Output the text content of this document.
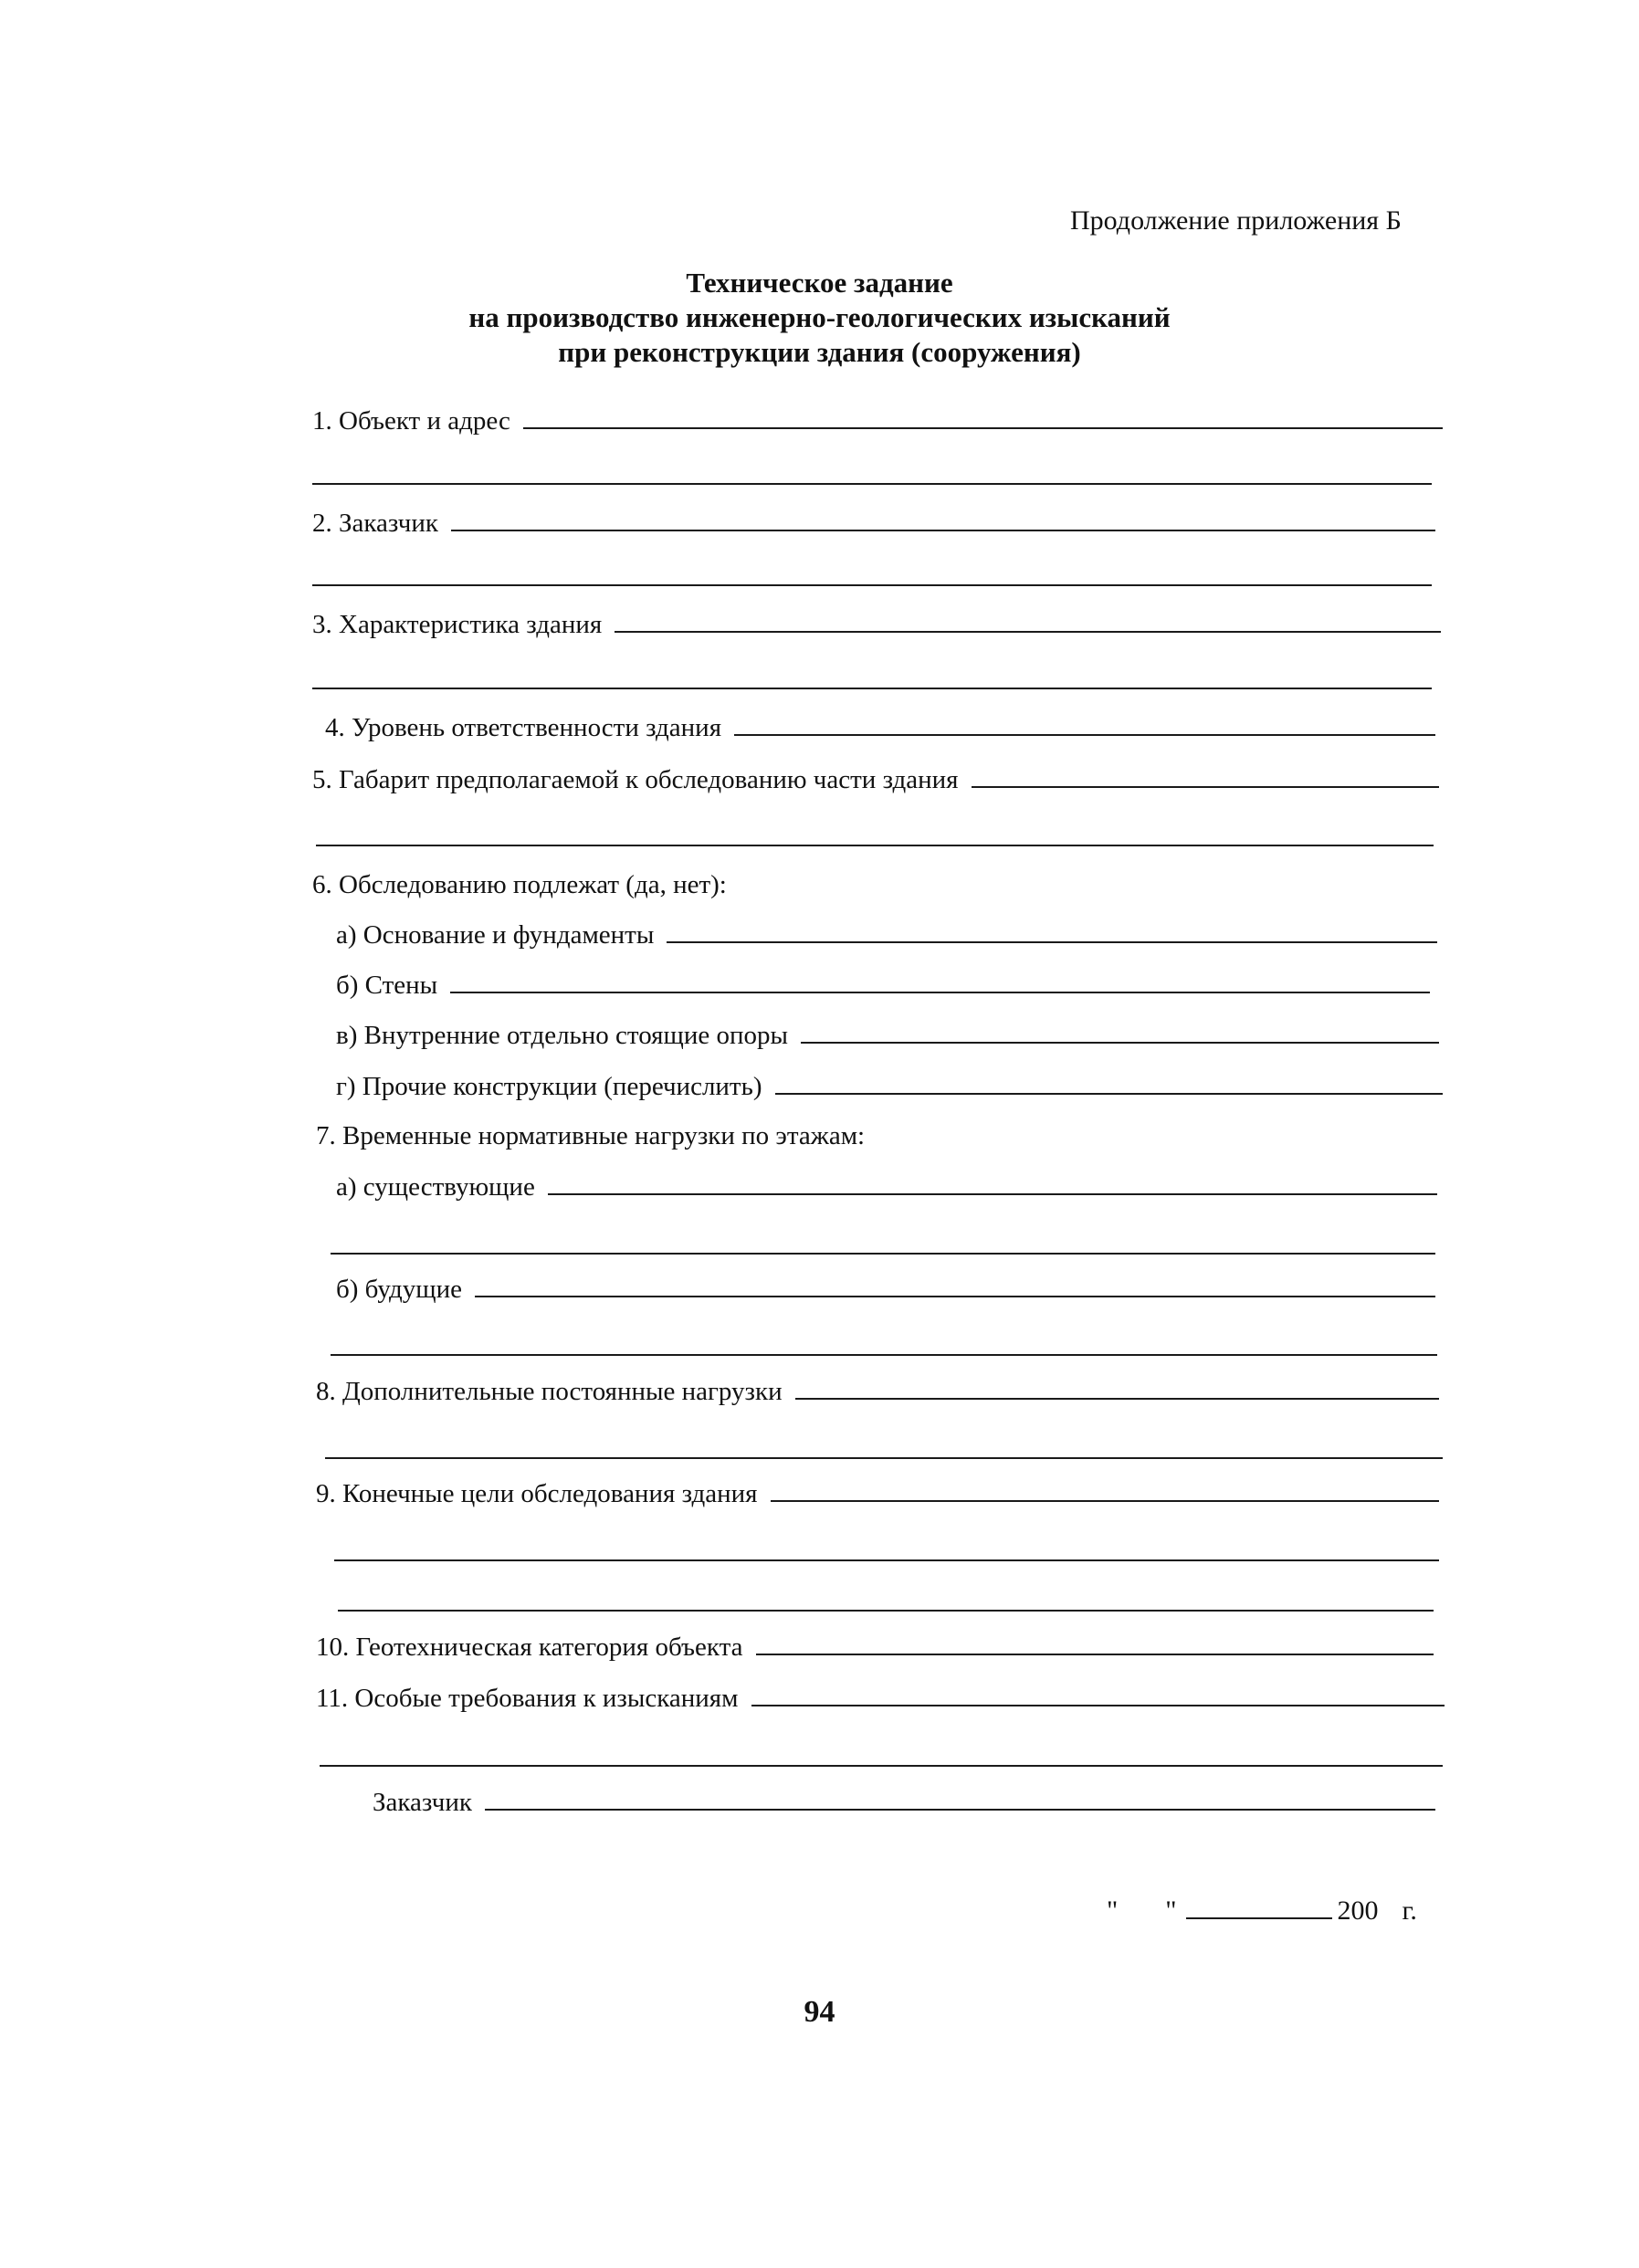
Продолжение приложения Б
Техническое задание
на производство инженерно-геологических изысканий
при реконструкции здания (сооружения)
1. Объект и адрес
2. Заказчик
3. Характеристика здания
4. Уровень ответственности здания
5. Габарит предполагаемой к обследованию части здания
6. Обследованию подлежат (да, нет):
а) Основание и фундаменты
б) Стены
в) Внутренние отдельно стоящие опоры
г) Прочие конструкции (перечислить)
7. Временные нормативные нагрузки по этажам:
а) существующие
б) будущие
8. Дополнительные постоянные нагрузки
9. Конечные цели обследования здания
10. Геотехническая категория объекта
11. Особые требования к изысканиям
Заказчик
" "	200 г.
94
